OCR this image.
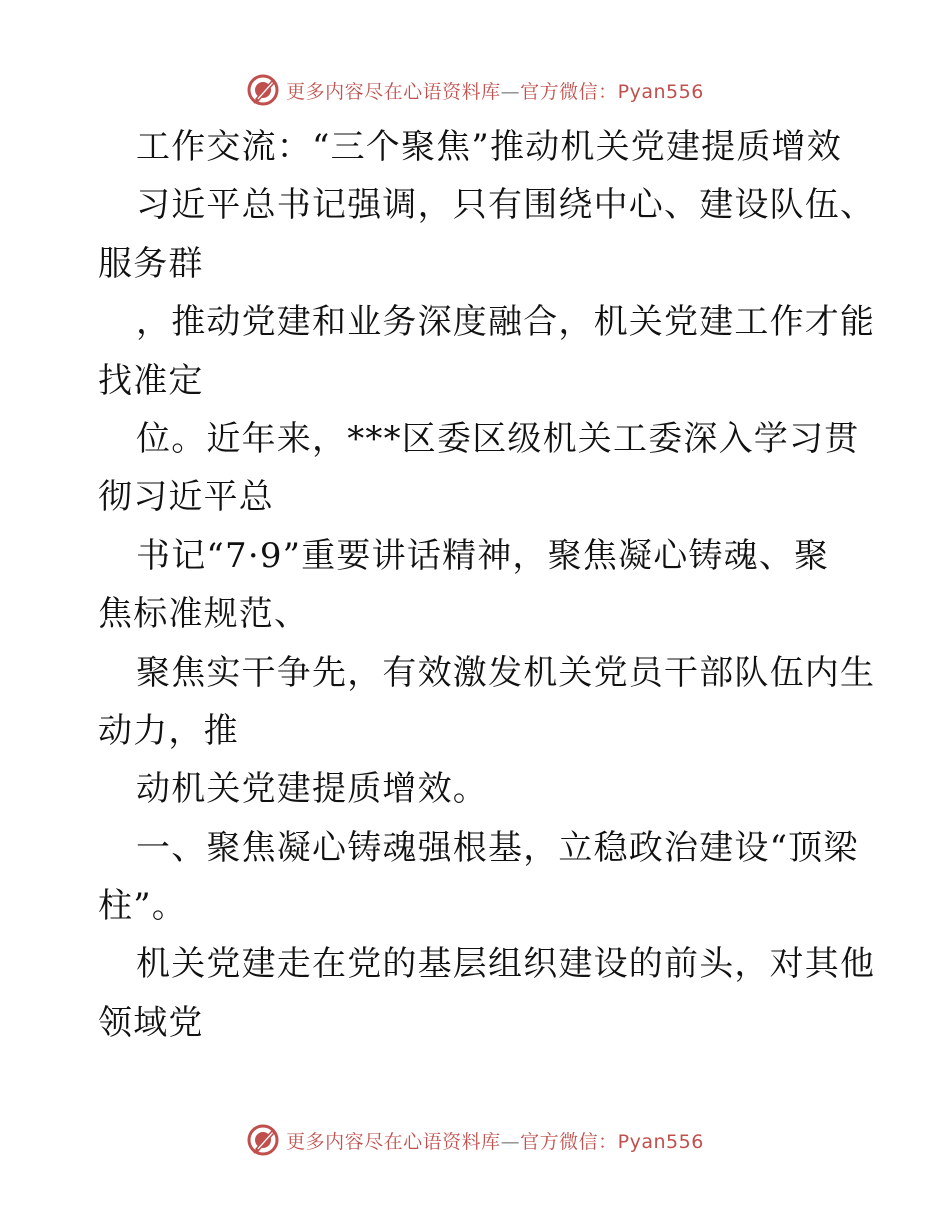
更多内容尽在心语资料库—官方微信：Pyan556
工作交流：“三个聚焦”推动机关党建提质增效
习近平总书记强调，只有围绕中心、建设队伍、
服务群
，推动党建和业务深度融合，机关党建工作才能
找准定
位。近年来，***区委区级机关工委深入学习贯
彻习近平总
书记“7·9”重要讲话精神，聚焦凝心铸魂、聚
焦标准规范、
聚焦实干争先，有效激发机关党员干部队伍内生
动力，推
动机关党建提质增效。
一、聚焦凝心铸魂强根基，立稳政治建设“顶梁
柱”。
机关党建走在党的基层组织建设的前头，对其他
领域党
更多内容尽在心语资料库—官方微信：Pyan556
